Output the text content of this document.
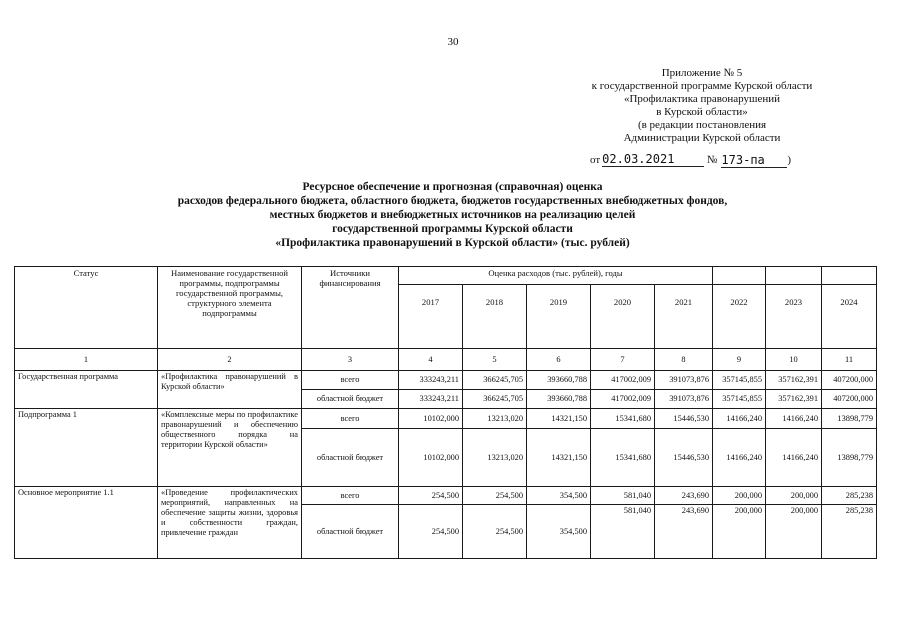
30
Приложение № 5
к государственной программе Курской области
«Профилактика правонарушений
в Курской области»
(в редакции постановления
Администрации Курской области
от 02.03.2021	№ 173-па )
Ресурсное обеспечение и прогнозная (справочная) оценка
расходов федерального бюджета, областного бюджета, бюджетов государственных внебюджетных фондов,
местных бюджетов и внебюджетных источников на реализацию целей
государственной программы Курской области
«Профилактика правонарушений в Курской области» (тыс. рублей)
Статус	Наименование государственной программы, подпрограммы государственной программы, структурного элемента подпрограммы	Источники финансирования	Оценка расходов (тыс. рублей), годы							
			2017	2018	2019	2020	2021	2022	2023	2024
1	2	3	4	5	6	7	8	9	10	11
Государственная программа	«Профилактика правонарушений в Курской области»	всего	333243,211	366245,705	393660,788	417002,009	391073,876	357145,855	357162,391	407200,000
		областной бюджет	333243,211	366245,705	393660,788	417002,009	391073,876	357145,855	357162,391	407200,000
Подпрограмма 1	«Комплексные меры по профилактике правонарушений и обеспечению общественного порядка на территории Курской области»	всего	10102,000	13213,020	14321,150	15341,680	15446,530	14166,240	14166,240	13898,779
		областной бюджет	10102,000	13213,020	14321,150	15341,680	15446,530	14166,240	14166,240	13898,779
Основное мероприятие 1.1	«Проведение профилактических мероприятий, направленных на обеспечение защиты жизни, здоровья и собственности граждан, привлечение граждан	всего	254,500	254,500	354,500	581,040	243,690	200,000	200,000	285,238
		областной бюджет	254,500	254,500	354,500	581,040	243,690	200,000	200,000	285,238
